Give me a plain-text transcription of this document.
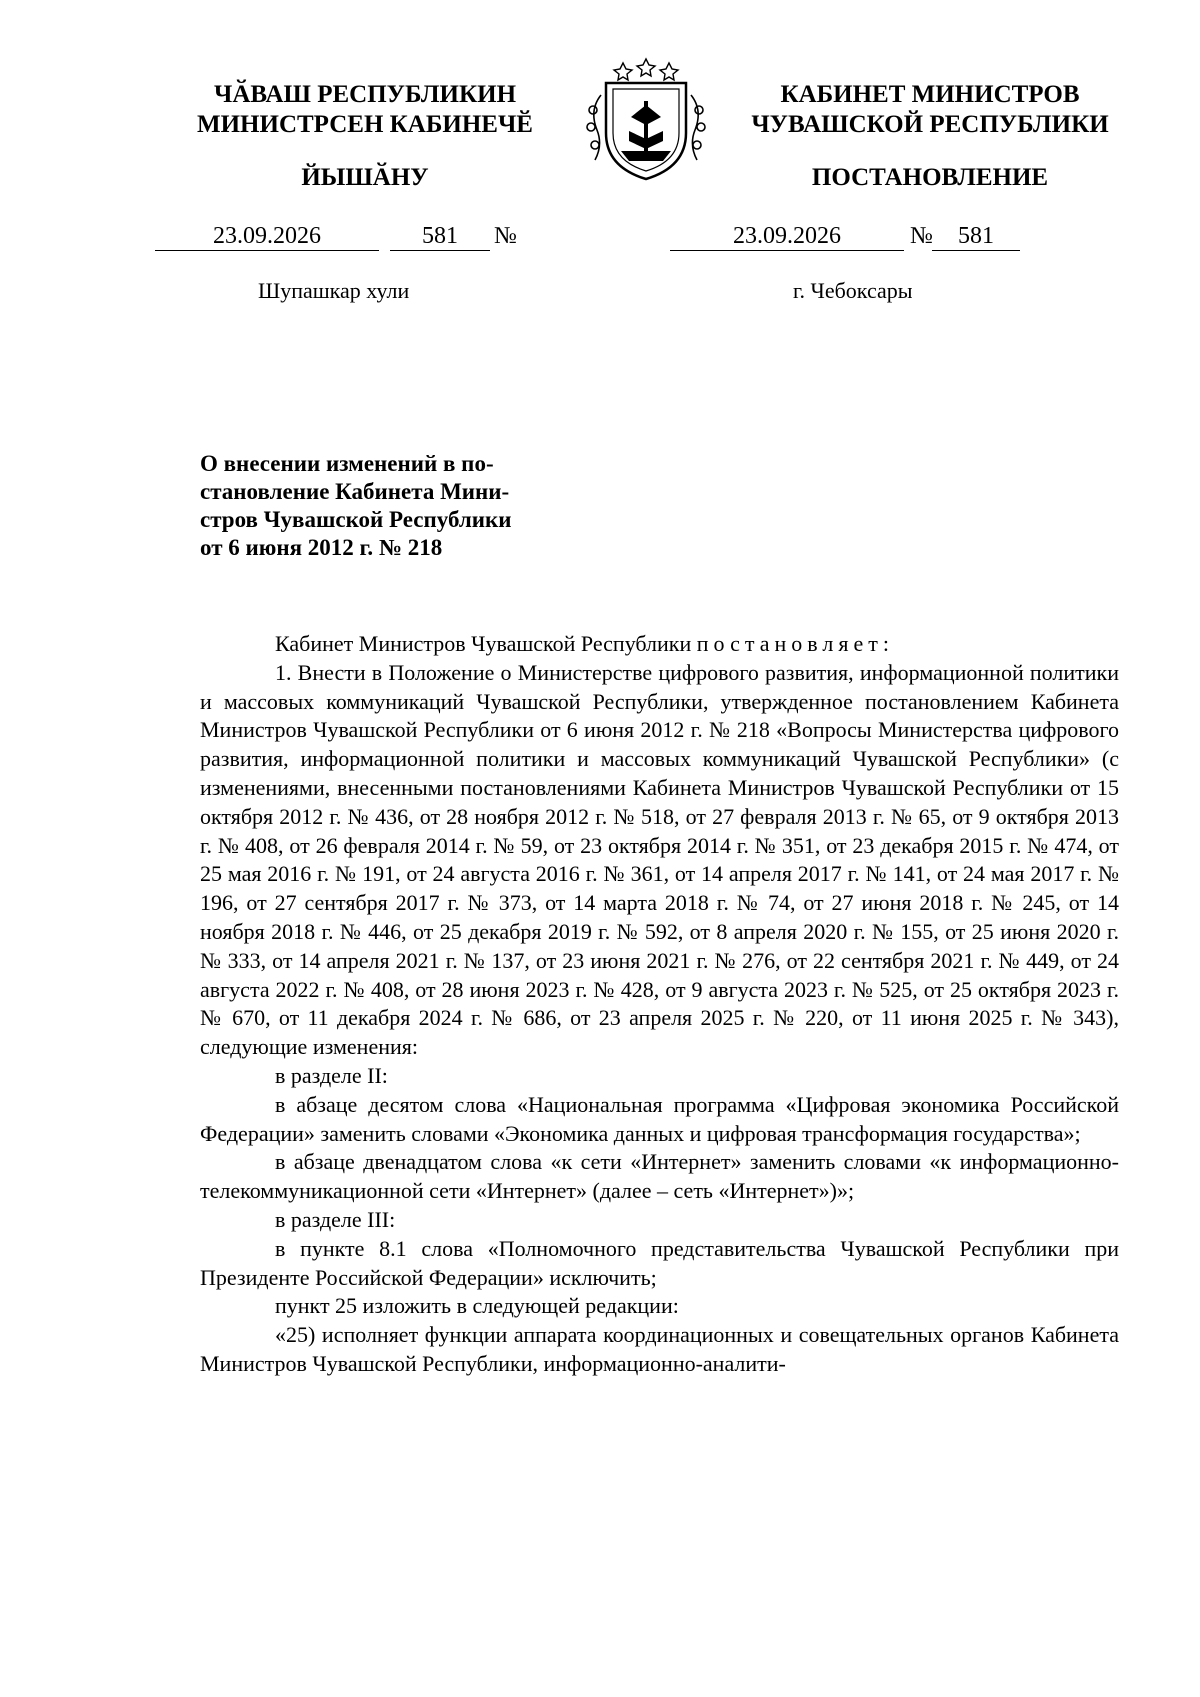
ЧӐВАШ РЕСПУБЛИКИН
МИНИСТРСЕН КАБИНЕЧӖ
ЙЫШӐНУ
КАБИНЕТ МИНИСТРОВ
ЧУВАШСКОЙ РЕСПУБЛИКИ
ПОСТАНОВЛЕНИЕ
23.09.2026	581	№	23.09.2026	№	581
Шупашкар хули	г. Чебоксары
О внесении изменений в по-
становление Кабинета Мини-
стров Чувашской Республики
от 6 июня 2012 г. № 218

Кабинет Министров Чувашской Республики постановляет:

1. Внести в Положение о Министерстве цифрового развития, информационной политики и массовых коммуникаций Чувашской Республики, утвержденное постановлением Кабинета Министров Чувашской Республики от 6 июня 2012 г. № 218 «Вопросы Министерства цифрового развития, информационной политики и массовых коммуникаций Чувашской Республики» (с изменениями, внесенными постановлениями Кабинета Министров Чувашской Республики от 15 октября 2012 г. № 436, от 28 ноября 2012 г. № 518, от 27 февраля 2013 г. № 65, от 9 октября 2013 г. № 408, от 26 февраля 2014 г. № 59, от 23 октября 2014 г. № 351, от 23 декабря 2015 г. № 474, от 25 мая 2016 г. № 191, от 24 августа 2016 г. № 361, от 14 апреля 2017 г. № 141, от 24 мая 2017 г. № 196, от 27 сентября 2017 г. № 373, от 14 марта 2018 г. № 74, от 27 июня 2018 г. № 245, от 14 ноября 2018 г. № 446, от 25 декабря 2019 г. № 592, от 8 апреля 2020 г. № 155, от 25 июня 2020 г. № 333, от 14 апреля 2021 г. № 137, от 23 июня 2021 г. № 276, от 22 сентября 2021 г. № 449, от 24 августа 2022 г. № 408, от 28 июня 2023 г. № 428, от 9 августа 2023 г. № 525, от 25 октября 2023 г. № 670, от 11 декабря 2024 г. № 686, от 23 апреля 2025 г. № 220, от 11 июня 2025 г. № 343), следующие изменения:

в разделе II:

в абзаце десятом слова «Национальная программа «Цифровая экономика Российской Федерации» заменить словами «Экономика данных и цифровая трансформация государства»;

в абзаце двенадцатом слова «к сети «Интернет» заменить словами «к информационно-телекоммуникационной сети «Интернет» (далее – сеть «Интернет»)»;

в разделе III:

в пункте 8.1 слова «Полномочного представительства Чувашской Республики при Президенте Российской Федерации» исключить;

пункт 25 изложить в следующей редакции:

«25) исполняет функции аппарата координационных и совещательных органов Кабинета Министров Чувашской Республики, информационно-аналити-
